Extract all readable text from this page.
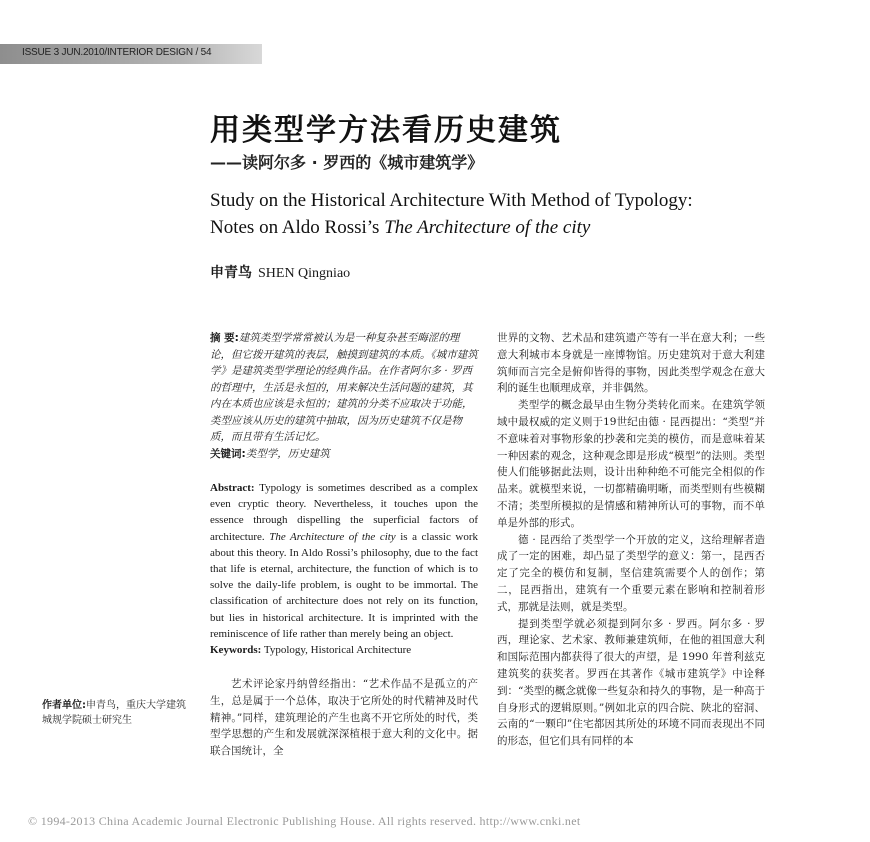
ISSUE 3 JUN.2010/INTERIOR DESIGN / 54
用类型学方法看历史建筑
——读阿尔多 · 罗西的《城市建筑学》
Study on the Historical Architecture With Method of Typology:
Notes on Aldo Rossi’s The Architecture of the city
申青鸟 SHEN Qingniao
摘 要:建筑类型学常常被认为是一种复杂甚至晦涩的理论，但它拨开建筑的表层，触摸到建筑的本质。《城市建筑学》是建筑类型学理论的经典作品。在作者阿尔多 · 罗西的哲理中，生活是永恒的，用来解决生活问题的建筑，其内在本质也应该是永恒的；建筑的分类不应取决于功能，类型应该从历史的建筑中抽取，因为历史建筑不仅是物质，而且带有生活记忆。
关键词:类型学，历史建筑
Abstract: Typology is sometimes described as a complex even cryptic theory. Nevertheless, it touches upon the essence through dispelling the superficial factors of architecture. The Architecture of the city is a classic work about this theory. In Aldo Rossi’s philosophy, due to the fact that life is eternal, architecture, the function of which is to solve the daily-life problem, is ought to be immortal. The classification of architecture does not rely on its function, but lies in historical architecture. It is imprinted with the reminiscence of life rather than merely being an object.
Keywords: Typology, Historical Architecture

艺术评论家丹纳曾经指出：“艺术作品不是孤立的产生，总是属于一个总体，取决于它所处的时代精神及时代精神。”同样，建筑理论的产生也离不开它所处的时代，类型学思想的产生和发展就深深植根于意大利的文化中。据联合国统计，全

世界的文物、艺术品和建筑遗产等有一半在意大利；一些意大利城市本身就是一座博物馆。历史建筑对于意大利建筑师而言完全是俯仰皆得的事物，因此类型学观念在意大利的诞生也顺理成章，并非偶然。

类型学的概念最早由生物分类转化而来。在建筑学领域中最权威的定义则于19世纪由德 · 昆西提出：“类型”并不意味着对事物形象的抄袭和完美的模仿，而是意味着某一种因素的观念，这种观念即是形成“模型”的法则。类型使人们能够据此法则，设计出种种绝不可能完全相似的作品来。就模型来说，一切都精确明晰，而类型则有些模糊不清；类型所模拟的是情感和精神所认可的事物，而不单单是外部的形式。

德 · 昆西给了类型学一个开放的定义，这给理解者造成了一定的困难，却凸显了类型学的意义：第一，昆西否定了完全的模仿和复制，坚信建筑需要个人的创作；第二，昆西指出，建筑有一个重要元素在影响和控制着形式，那就是法则，就是类型。

提到类型学就必须提到阿尔多 · 罗西。阿尔多 · 罗西，理论家、艺术家、教师兼建筑师，在他的祖国意大利和国际范围内都获得了很大的声望，是 1990 年普利兹克建筑奖的获奖者。罗西在其著作《城市建筑学》中诠释到：“类型的概念就像一些复杂和持久的事物，是一种高于自身形式的逻辑原则。”例如北京的四合院、陕北的窑洞、云南的“一颗印”住宅都因其所处的环境不同而表现出不同的形态，但它们具有同样的本

作者单位:申青鸟，重庆大学建筑城规学院硕士研究生
© 1994-2013 China Academic Journal Electronic Publishing House. All rights reserved. http://www.cnki.net
